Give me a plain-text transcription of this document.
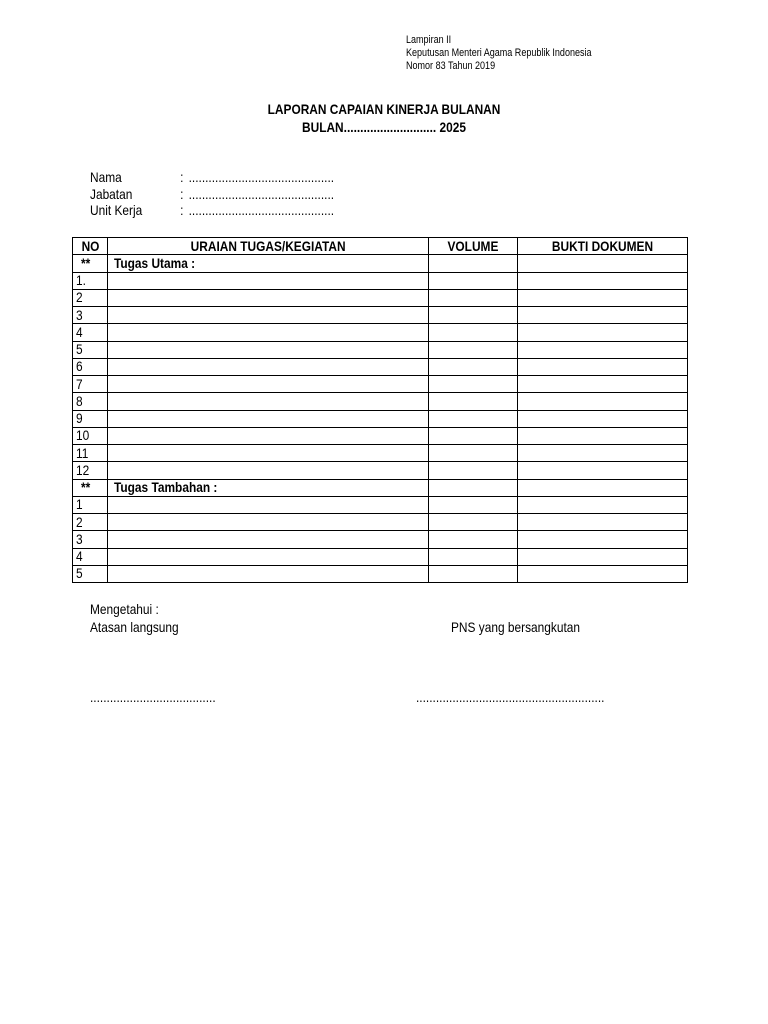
Lampiran II
Keputusan Menteri Agama Republik Indonesia
Nomor 83 Tahun 2019
LAPORAN CAPAIAN KINERJA BULANAN
BULAN............................ 2025
Nama	: ............................................
Jabatan	: ............................................
Unit Kerja	: ............................................
NO	URAIAN TUGAS/KEGIATAN	VOLUME	BUKTI DOKUMEN
**	Tugas Utama :		
1.			
2			
3			
4			
5			
6			
7			
8			
9			
10			
11			
12			
**	Tugas Tambahan :		
1			
2			
3			
4			
5			
Mengetahui :
Atasan langsung	PNS yang bersangkutan
......................................	.........................................................
